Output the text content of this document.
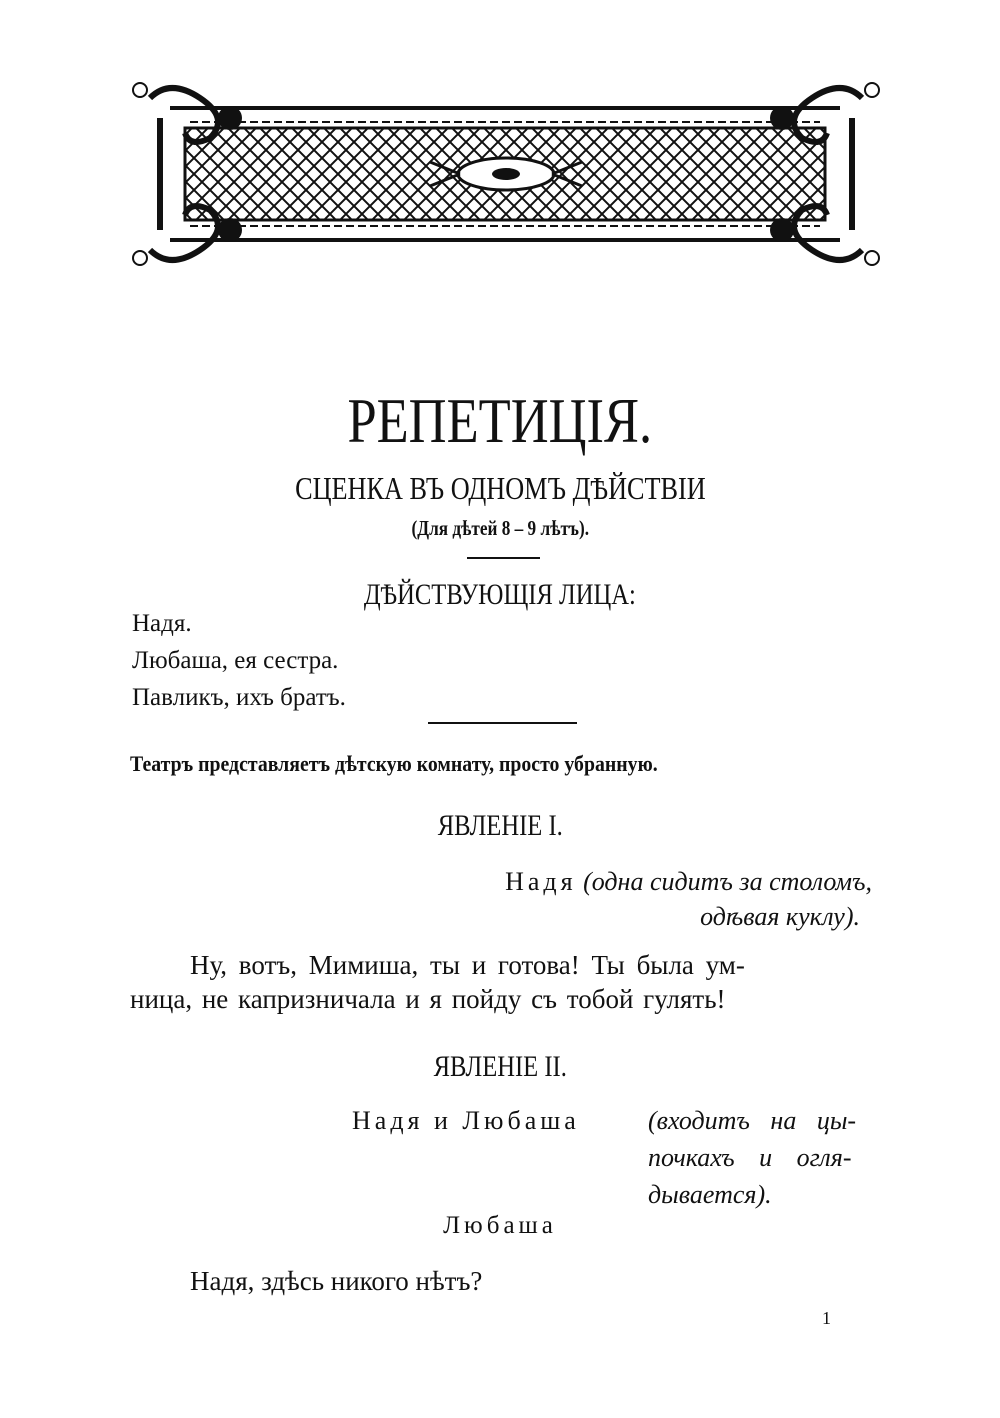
РЕПЕТИЦІЯ.
СЦЕНКА ВЪ ОДНОМЪ ДѢЙСТВІИ
(Для дѣтей 8 – 9 лѣтъ).
ДѢЙСТВУЮЩІЯ ЛИЦА:
Надя.
Любаша, ея сестра.
Павликъ, ихъ братъ.
Театръ представляетъ дѣтскую комнату, просто убранную.
ЯВЛЕНІЕ I.
Надя (одна сидитъ за столомъ,
одѣвая куклу).
Ну, вотъ, Мимиша, ты и готова! Ты была ум-
ница, не капризничала и я пойду съ тобой гулять!
ЯВЛЕНІЕ II.
Надя и Любаша	(входитъ на цы-
почкахъ и огля-
дывается).
Любаша
Надя, здѣсь никого нѣтъ?
1
